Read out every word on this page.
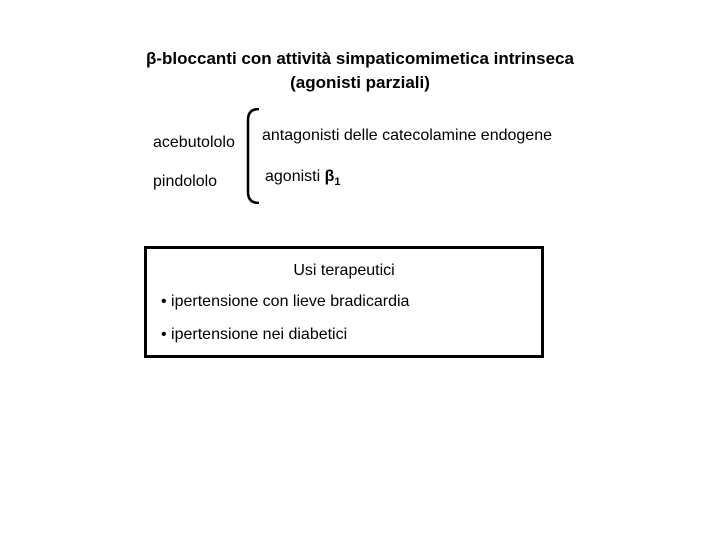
β-bloccanti con attività simpaticomimetica intrinseca
(agonisti parziali)
acebutololo
pindololo
antagonisti delle catecolamine endogene
agonisti $\beta_1$
Usi terapeutici
• ipertensione con lieve bradicardia
• ipertensione nei diabetici
